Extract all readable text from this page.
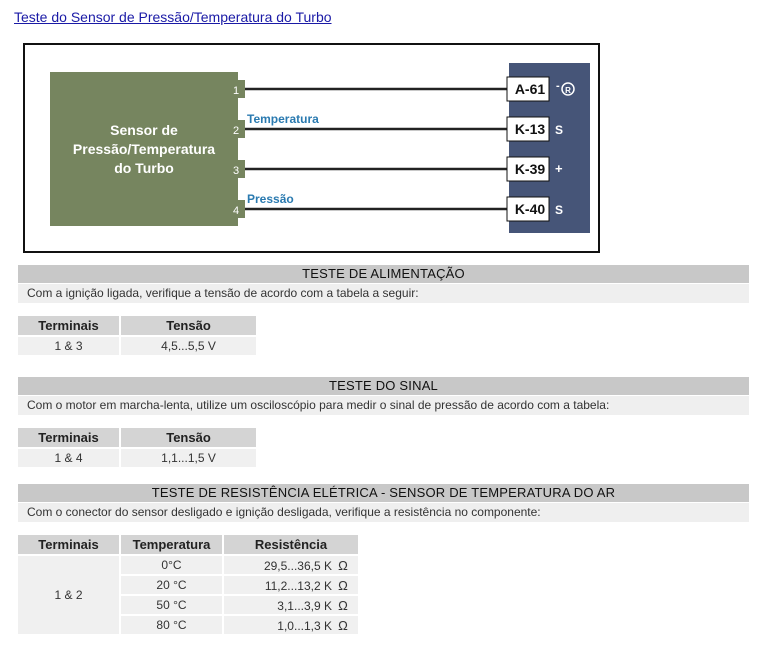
Teste do Sensor de Pressão/Temperatura do Turbo
Sensor de
Pressão/Temperatura
do Turbo
1
2
3
4
Temperatura
Pressão
A-61
K-13
K-39
K-40
- R
S
+
S
TESTE DE ALIMENTAÇÃO
Com a ignição ligada, verifique a tensão de acordo com a tabela a seguir:
Terminais	Tensão
1 & 3	4,5...5,5 V
TESTE DO SINAL
Com o motor em marcha-lenta, utilize um osciloscópio para medir o sinal de pressão de acordo com a tabela:
Terminais	Tensão
1 & 4	1,1...1,5 V
TESTE DE RESISTÊNCIA ELÉTRICA - SENSOR DE TEMPERATURA DO AR
Com o conector do sensor desligado e ignição desligada, verifique a resistência no componente:
Terminais	Temperatura	Resistência
1 & 2	0°C	29,5...36,5 K Ω
	20 °C	11,2...13,2 K Ω
	50 °C	3,1...3,9 K Ω
	80 °C	1,0...1,3 K Ω
